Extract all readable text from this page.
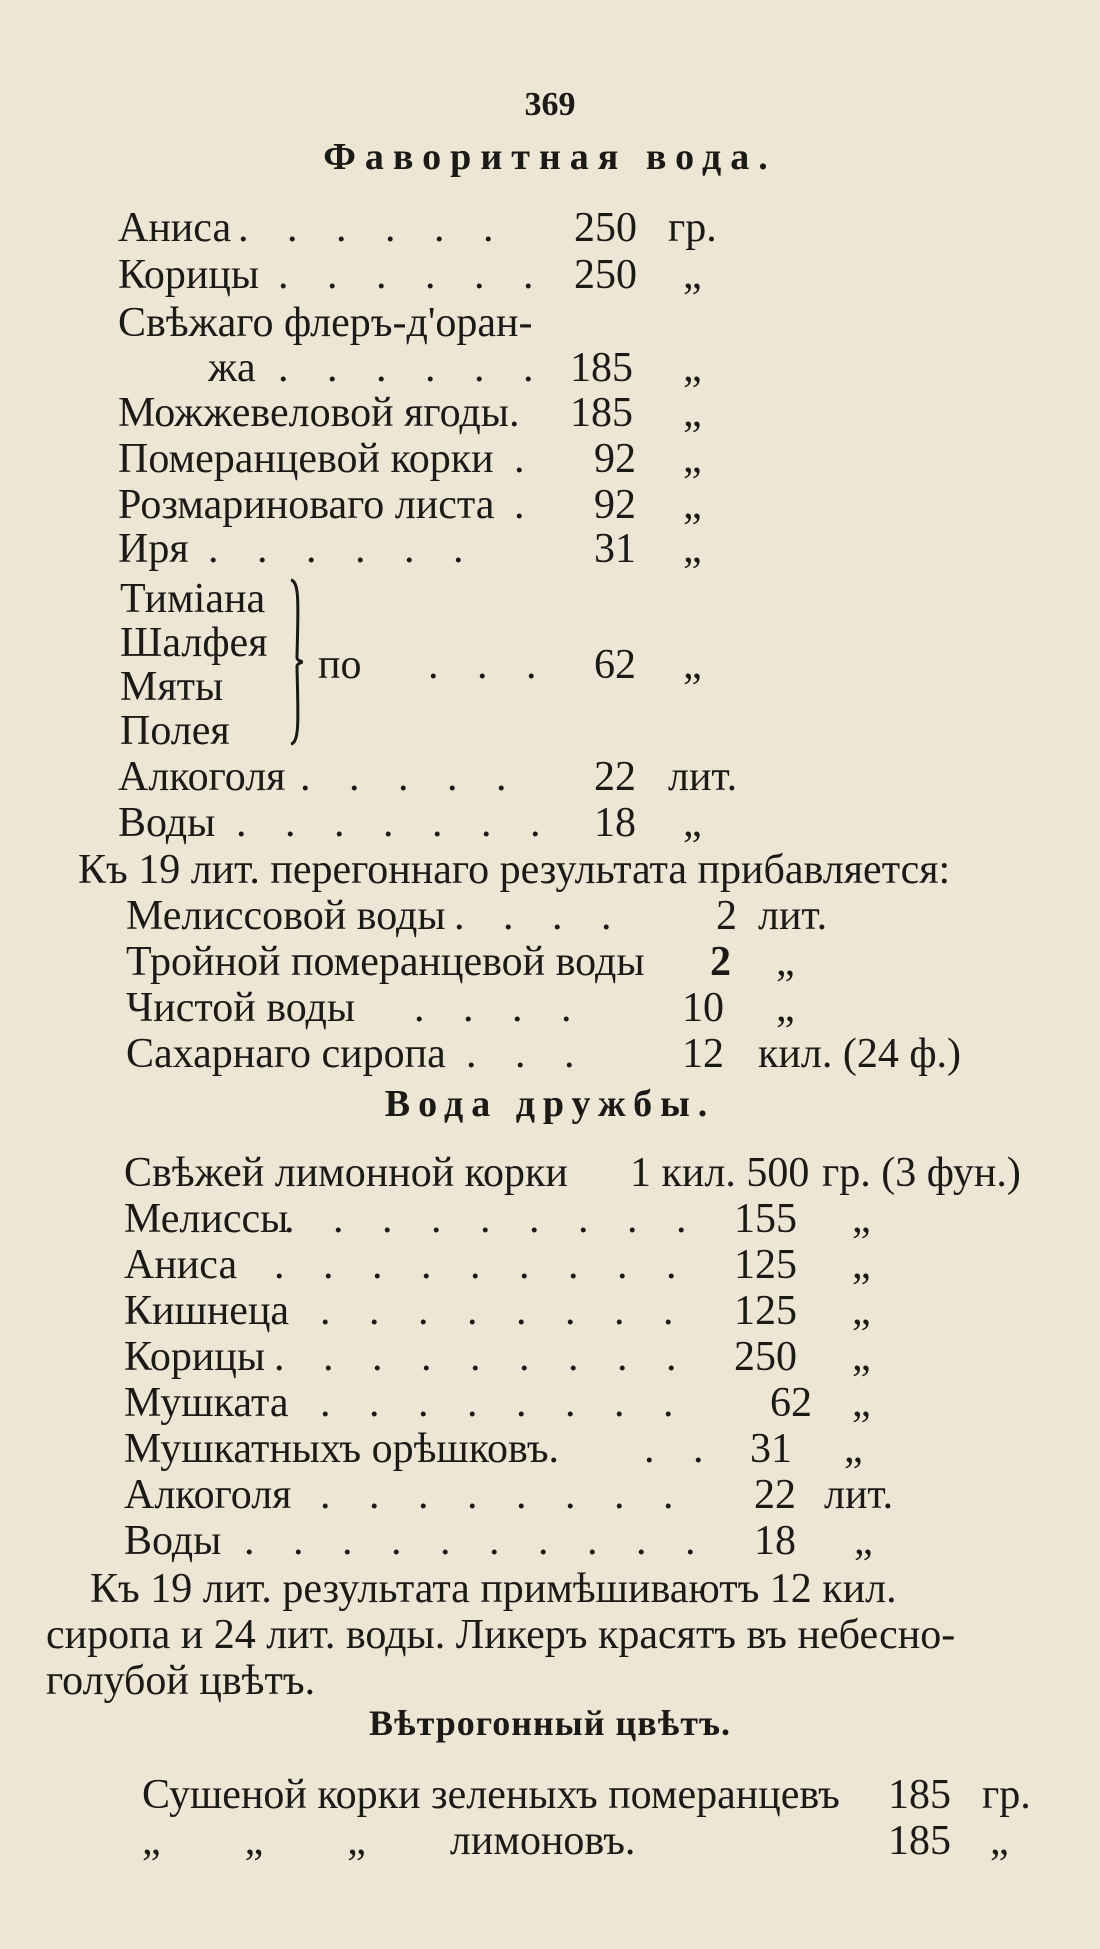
369
Фаворитная вода.
Аниса . . . . . . 250 гр.
Корицы . . . . . . 250 „
Свѣжаго флеръ-д'оран-
жа . . . . . . 185 „
Можжевеловой ягоды. 185 „
Померанцевой корки . 92 „
Розмариноваго листа . 92 „
Иря . . . . . .	31 „
Тимiана
Шалфея
Мяты
Полея
по . . . 62 „
Алкоголя . . . . . 22 лит.
Воды . . . . . . . 18 „
Къ 19 лит. перегоннаго результата прибавляется:
Мелиссовой воды . . . . 2 лит.
Тройной померанцевой воды 2 „
Чистой воды . . . . 10 „
Сахарнаго сиропа . . . 12 кил. (24 ф.)
Вода дружбы.
Свѣжей лимонной корки 1 кил. 500 гр. (3 фун.)
Мелиссы
. . . . . . . . . 155 „
Аниса . . . . . . . . . 125 „
Кишнеца . . . . . . . . 125 „
Корицы . . . . . . . . . 250 „
Мушката . . . . . . . . 62 „
Мушкатныхъ орѣшковъ. . . 31 „
Алкоголя . . . . . . . . 22 лит.
Воды . . . . . . . . . . 18 „
Къ 19 лит. результата примѣшиваютъ 12 кил.
сиропа и 24 лит. воды. Ликеръ красятъ въ небесно-
голубой цвѣтъ.
Вѣтрогонный цвѣтъ.
Сушеной корки зеленыхъ померанцевъ 185 гр.
„        „        „        лимоновъ.	185 „
